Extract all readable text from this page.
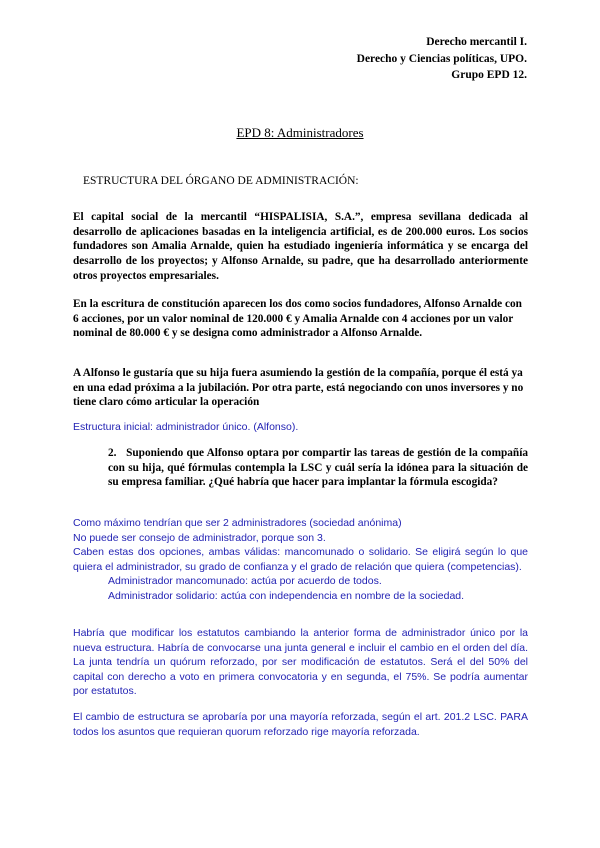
Derecho mercantil I.
Derecho y Ciencias políticas, UPO.
Grupo EPD 12.
EPD 8: Administradores
ESTRUCTURA DEL ÓRGANO DE ADMINISTRACIÓN:
El capital social de la mercantil “HISPALISIA, S.A.”, empresa sevillana dedicada al desarrollo de aplicaciones basadas en la inteligencia artificial, es de 200.000 euros. Los socios fundadores son Amalia Arnalde, quien ha estudiado ingeniería informática y se encarga del desarrollo de los proyectos; y Alfonso Arnalde, su padre, que ha desarrollado anteriormente otros proyectos empresariales.
En la escritura de constitución aparecen los dos como socios fundadores, Alfonso Arnalde con 6 acciones, por un valor nominal de 120.000 € y Amalia Arnalde con 4 acciones por un valor nominal de 80.000 € y se designa como administrador a Alfonso Arnalde.
A Alfonso le gustaría que su hija fuera asumiendo la gestión de la compañía, porque él está ya en una edad próxima a la jubilación. Por otra parte, está negociando con unos inversores y no tiene claro cómo articular la operación
Estructura inicial: administrador único. (Alfonso).
2. Suponiendo que Alfonso optara por compartir las tareas de gestión de la compañía con su hija, qué fórmulas contempla la LSC y cuál sería la idónea para la situación de su empresa familiar. ¿Qué habría que hacer para implantar la fórmula escogida?
Como máximo tendrían que ser 2 administradores (sociedad anónima)
No puede ser consejo de administrador, porque son 3.
Caben estas dos opciones, ambas válidas: mancomunado o solidario. Se eligirá según lo que quiera el administrador, su grado de confianza y el grado de relación que quiera (competencias).
Administrador mancomunado: actúa por acuerdo de todos.
Administrador solidario: actúa con independencia en nombre de la sociedad.
Habría que modificar los estatutos cambiando la anterior forma de administrador único por la nueva estructura. Habría de convocarse una junta general e incluir el cambio en el orden del día. La junta tendría un quórum reforzado, por ser modificación de estatutos. Será el del 50% del capital con derecho a voto en primera convocatoria y en segunda, el 75%. Se podría aumentar por estatutos.
El cambio de estructura se aprobaría por una mayoría reforzada, según el art. 201.2 LSC. PARA todos los asuntos que requieran quorum reforzado rige mayoría reforzada.
